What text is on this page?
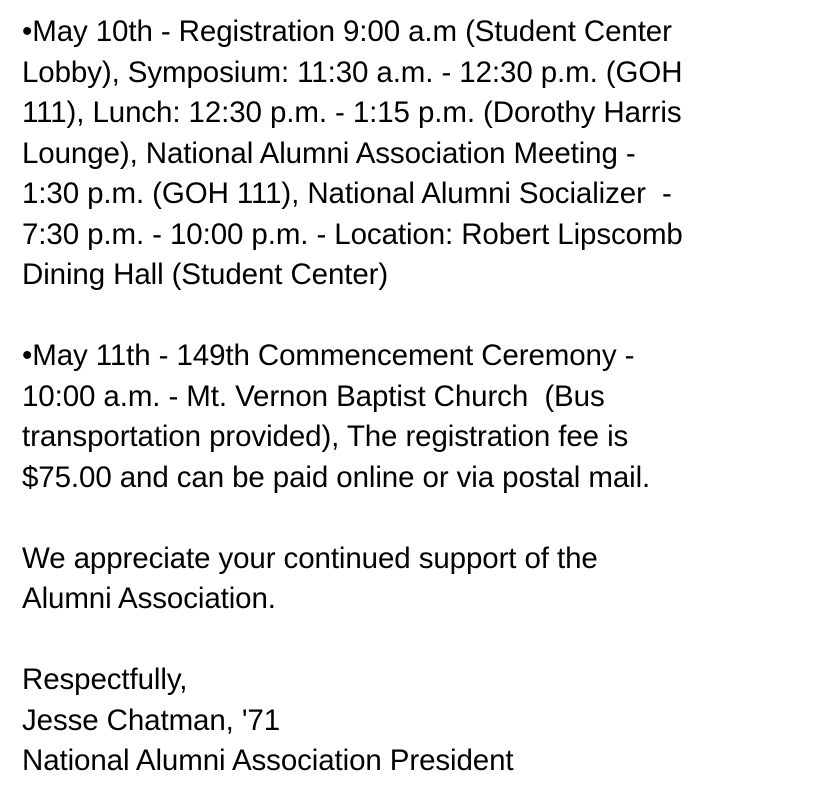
•May 10th - Registration 9:00 a.m (Student Center
Lobby), Symposium: 11:30 a.m. - 12:30 p.m. (GOH
111), Lunch: 12:30 p.m. - 1:15 p.m. (Dorothy Harris
Lounge), National Alumni Association Meeting -
1:30 p.m. (GOH 111), National Alumni Socializer  -
7:30 p.m. - 10:00 p.m. - Location: Robert Lipscomb
Dining Hall (Student Center)
•May 11th - 149th Commencement Ceremony -
10:00 a.m. - Mt. Vernon Baptist Church  (Bus
transportation provided), The registration fee is
$75.00 and can be paid online or via postal mail.
We appreciate your continued support of the
Alumni Association.
Respectfully,
Jesse Chatman, '71
National Alumni Association President
